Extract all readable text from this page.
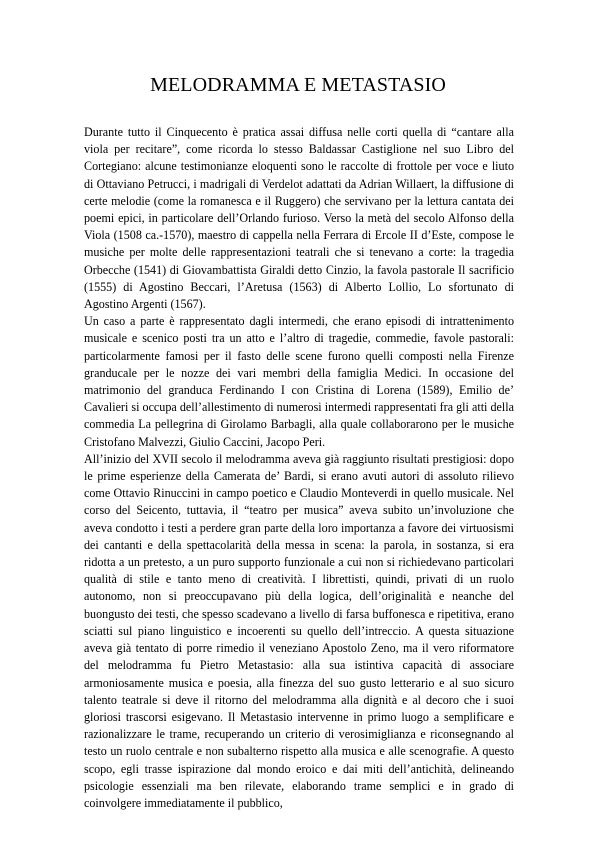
MELODRAMMA E METASTASIO

Durante tutto il Cinquecento è pratica assai diffusa nelle corti quella di “cantare alla viola per recitare”, come ricorda lo stesso Baldassar Castiglione nel suo Libro del Cortegiano: alcune testimonianze eloquenti sono le raccolte di frottole per voce e liuto di Ottaviano Petrucci, i madrigali di Verdelot adattati da Adrian Willaert, la diffusione di certe melodie (come la romanesca e il Ruggero) che servivano per la lettura cantata dei poemi epici, in particolare dell’Orlando furioso. Verso la metà del secolo Alfonso della Viola (1508 ca.-1570), maestro di cappella nella Ferrara di Ercole II d’Este, compose le musiche per molte delle rappresentazioni teatrali che si tenevano a corte: la tragedia Orbecche (1541) di Giovambattista Giraldi detto Cinzio, la favola pastorale Il sacrificio (1555) di Agostino Beccari, l’Aretusa (1563) di Alberto Lollio, Lo sfortunato di Agostino Argenti (1567).

Un caso a parte è rappresentato dagli intermedi, che erano episodi di intrattenimento musicale e scenico posti tra un atto e l’altro di tragedie, commedie, favole pastorali: particolarmente famosi per il fasto delle scene furono quelli composti nella Firenze granducale per le nozze dei vari membri della famiglia Medici. In occasione del matrimonio del granduca Ferdinando I con Cristina di Lorena (1589), Emilio de’ Cavalieri si occupa dell’allestimento di numerosi intermedi rappresentati fra gli atti della commedia La pellegrina di Girolamo Barbagli, alla quale collaborarono per le musiche Cristofano Malvezzi, Giulio Caccini, Jacopo Peri.

All’inizio del XVII secolo il melodramma aveva già raggiunto risultati prestigiosi: dopo le prime esperienze della Camerata de’ Bardi, si erano avuti autori di assoluto rilievo come Ottavio Rinuccini in campo poetico e Claudio Monteverdi in quello musicale. Nel corso del Seicento, tuttavia, il “teatro per musica” aveva subito un’involuzione che aveva condotto i testi a perdere gran parte della loro importanza a favore dei virtuosismi dei cantanti e della spettacolarità della messa in scena: la parola, in sostanza, si era ridotta a un pretesto, a un puro supporto funzionale a cui non si richiedevano particolari qualità di stile e tanto meno di creatività. I librettisti, quindi, privati di un ruolo autonomo, non si preoccupavano più della logica, dell’originalità e neanche del buongusto dei testi, che spesso scadevano a livello di farsa buffonesca e ripetitiva, erano sciatti sul piano linguistico e incoerenti su quello dell’intreccio. A questa situazione aveva già tentato di porre rimedio il veneziano Apostolo Zeno, ma il vero riformatore del melodramma fu Pietro Metastasio: alla sua istintiva capacità di associare armoniosamente musica e poesia, alla finezza del suo gusto letterario e al suo sicuro talento teatrale si deve il ritorno del melodramma alla dignità e al decoro che i suoi gloriosi trascorsi esigevano. Il Metastasio intervenne in primo luogo a semplificare e razionalizzare le trame, recuperando un criterio di verosimiglianza e riconsegnando al testo un ruolo centrale e non subalterno rispetto alla musica e alle scenografie. A questo scopo, egli trasse ispirazione dal mondo eroico e dai miti dell’antichità, delineando psicologie essenziali ma ben rilevate, elaborando trame semplici e in grado di coinvolgere immediatamente il pubblico,
